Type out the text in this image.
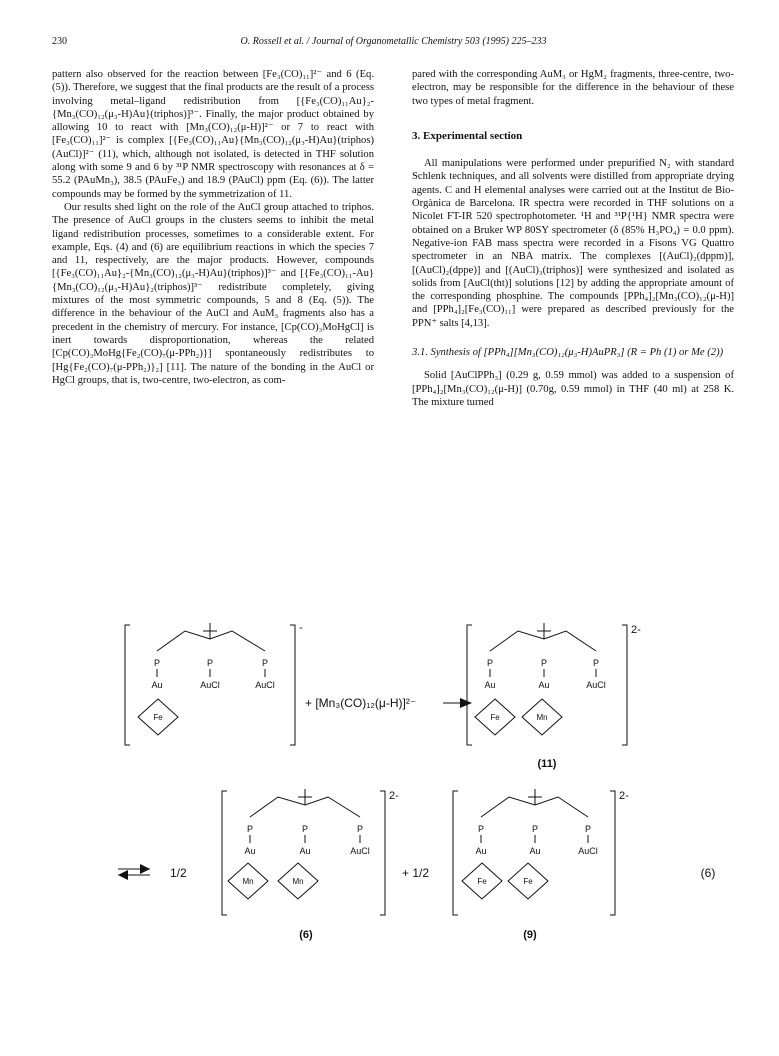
230	O. Rossell et al. / Journal of Organometallic Chemistry 503 (1995) 225–233

pattern also observed for the reaction between [Fe₃(CO)₁₁]²⁻ and 6 (Eq. (5)). Therefore, we suggest that the final products are the result of a process involving metal–ligand redistribution from [{Fe₃(CO)₁₁Au}₂-{Mn₃(CO)₁₂(μ₃-H)Au}(triphos)]³⁻. Finally, the major product obtained by allowing 10 to react with [Mn₃(CO)₁₂(μ-H)]²⁻ or 7 to react with [Fe₃(CO)₁₁]²⁻ is complex [{Fe₃(CO)₁₁Au}{Mn₃(CO)₁₂(μ₃-H)Au}(triphos)(AuCl)]²⁻ (11), which, although not isolated, is detected in THF solution along with some 9 and 6 by ³¹P NMR spectroscopy with resonances at δ = 55.2 (PAuMn₃), 38.5 (PAuFe₃) and 18.9 (PAuCl) ppm (Eq. (6)). The latter compounds may be formed by the symmetrization of 11.

Our results shed light on the role of the AuCl group attached to triphos. The presence of AuCl groups in the clusters seems to inhibit the metal ligand redistribution processes, sometimes to a considerable extent. For example, Eqs. (4) and (6) are equilibrium reactions in which the species 7 and 11, respectively, are the major products. However, compounds [{Fe₃(CO)₁₁Au}₂-{Mn₃(CO)₁₂(μ₃-H)Au}(triphos)]³⁻ and [{Fe₃(CO)₁₁-Au}{Mn₃(CO)₁₂(μ₃-H)Au}₂(triphos)]³⁻ redistribute completely, giving mixtures of the most symmetric compounds, 5 and 8 (Eq. (5)). The difference in the behaviour of the AuCl and AuM₃ fragments also has a precedent in the chemistry of mercury. For instance, [Cp(CO)₃MoHgCl] is inert towards disproportionation, whereas the related [Cp(CO)₃MoHg{Fe₂(CO)₇(μ-PPh₂)}] spontaneously redistributes to [Hg{Fe₂(CO)₇(μ-PPh₂)}₂] [11]. The nature of the bonding in the AuCl or HgCl groups, that is, two-centre, two-electron, as com-

pared with the corresponding AuM₃ or HgM₂ fragments, three-centre, two-electron, may be responsible for the difference in the behaviour of these two types of metal fragment.

3. Experimental section

All manipulations were performed under prepurified N₂ with standard Schlenk techniques, and all solvents were distilled from appropriate drying agents. C and H elemental analyses were carried out at the Institut de Bio-Orgànica de Barcelona. IR spectra were recorded in THF solutions on a Nicolet FT-IR 520 spectrophotometer. ¹H and ³¹P{¹H} NMR spectra were obtained on a Bruker WP 80SY spectrometer (δ (85% H₃PO₄) = 0.0 ppm). Negative-ion FAB mass spectra were recorded in a Fisons VG Quattro spectrometer in an NBA matrix. The complexes [(AuCl)₂(dppm)], [(AuCl)₂(dppe)] and [(AuCl)₃(triphos)] were synthesized and isolated as solids from [AuCl(tht)] solutions [12] by adding the appropriate amount of the corresponding phosphine. The compounds [PPh₄]₂[Mn₃(CO)₁₂(μ-H)] and [PPh₄]₂[Fe₃(CO)₁₁] were prepared as described previously for the PPN⁺ salts [4,13].

3.1. Synthesis of [PPh₄][Mn₃(CO)₁₂(μ₃-H)AuPR₃] (R = Ph (1) or Me (2))

Solid [AuClPPh₃] (0.29 g, 0.59 mmol) was added to a suspension of [PPh₄]₂[Mn₃(CO)₁₂(μ-H)] (0.70g, 0.59 mmol) in THF (40 ml) at 258 K. The mixture turned

P	P	P
Au	AuCl	AuCl
Fe
P	P	P
Au	Au	AuCl
Fe	Mn
P	P	P
Au	Au	AuCl
Mn	Mn
P	P	P
Au	Au	AuCl
Fe	Fe
-	2-
2-	2-
+ [Mn₃(CO)₁₂(μ-H)]²⁻
1/2	+ 1/2	(6)
(11)
(6)	(9)
